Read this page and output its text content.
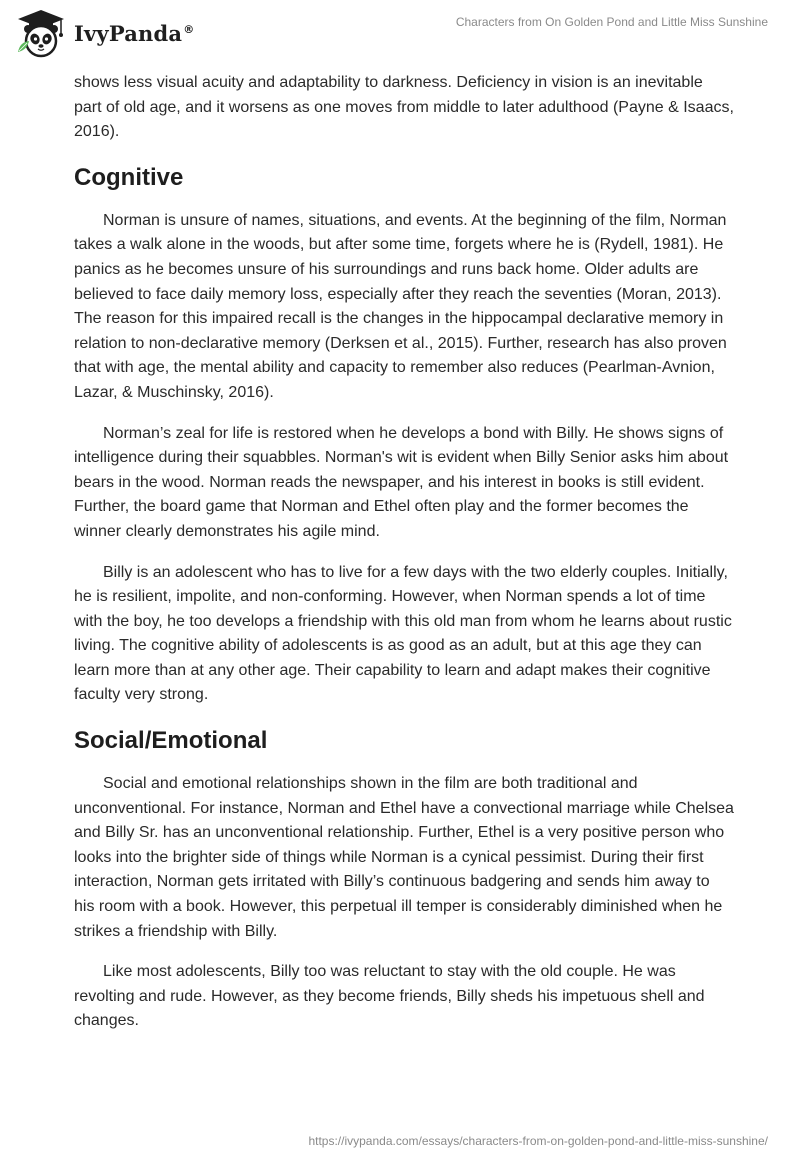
IvyPanda®	Characters from On Golden Pond and Little Miss Sunshine

shows less visual acuity and adaptability to darkness. Deficiency in vision is an inevitable part of old age, and it worsens as one moves from middle to later adulthood (Payne & Isaacs, 2016).

Cognitive

Norman is unsure of names, situations, and events. At the beginning of the film, Norman takes a walk alone in the woods, but after some time, forgets where he is (Rydell, 1981). He panics as he becomes unsure of his surroundings and runs back home. Older adults are believed to face daily memory loss, especially after they reach the seventies (Moran, 2013). The reason for this impaired recall is the changes in the hippocampal declarative memory in relation to non-declarative memory (Derksen et al., 2015). Further, research has also proven that with age, the mental ability and capacity to remember also reduces (Pearlman-Avnion, Lazar, & Muschinsky, 2016).

Norman’s zeal for life is restored when he develops a bond with Billy. He shows signs of intelligence during their squabbles. Norman's wit is evident when Billy Senior asks him about bears in the wood. Norman reads the newspaper, and his interest in books is still evident. Further, the board game that Norman and Ethel often play and the former becomes the winner clearly demonstrates his agile mind.

Billy is an adolescent who has to live for a few days with the two elderly couples. Initially, he is resilient, impolite, and non-conforming. However, when Norman spends a lot of time with the boy, he too develops a friendship with this old man from whom he learns about rustic living. The cognitive ability of adolescents is as good as an adult, but at this age they can learn more than at any other age. Their capability to learn and adapt makes their cognitive faculty very strong.

Social/Emotional

Social and emotional relationships shown in the film are both traditional and unconventional. For instance, Norman and Ethel have a convectional marriage while Chelsea and Billy Sr. has an unconventional relationship. Further, Ethel is a very positive person who looks into the brighter side of things while Norman is a cynical pessimist. During their first interaction, Norman gets irritated with Billy’s continuous badgering and sends him away to his room with a book. However, this perpetual ill temper is considerably diminished when he strikes a friendship with Billy.

Like most adolescents, Billy too was reluctant to stay with the old couple. He was revolting and rude. However, as they become friends, Billy sheds his impetuous shell and changes.

https://ivypanda.com/essays/characters-from-on-golden-pond-and-little-miss-sunshine/
